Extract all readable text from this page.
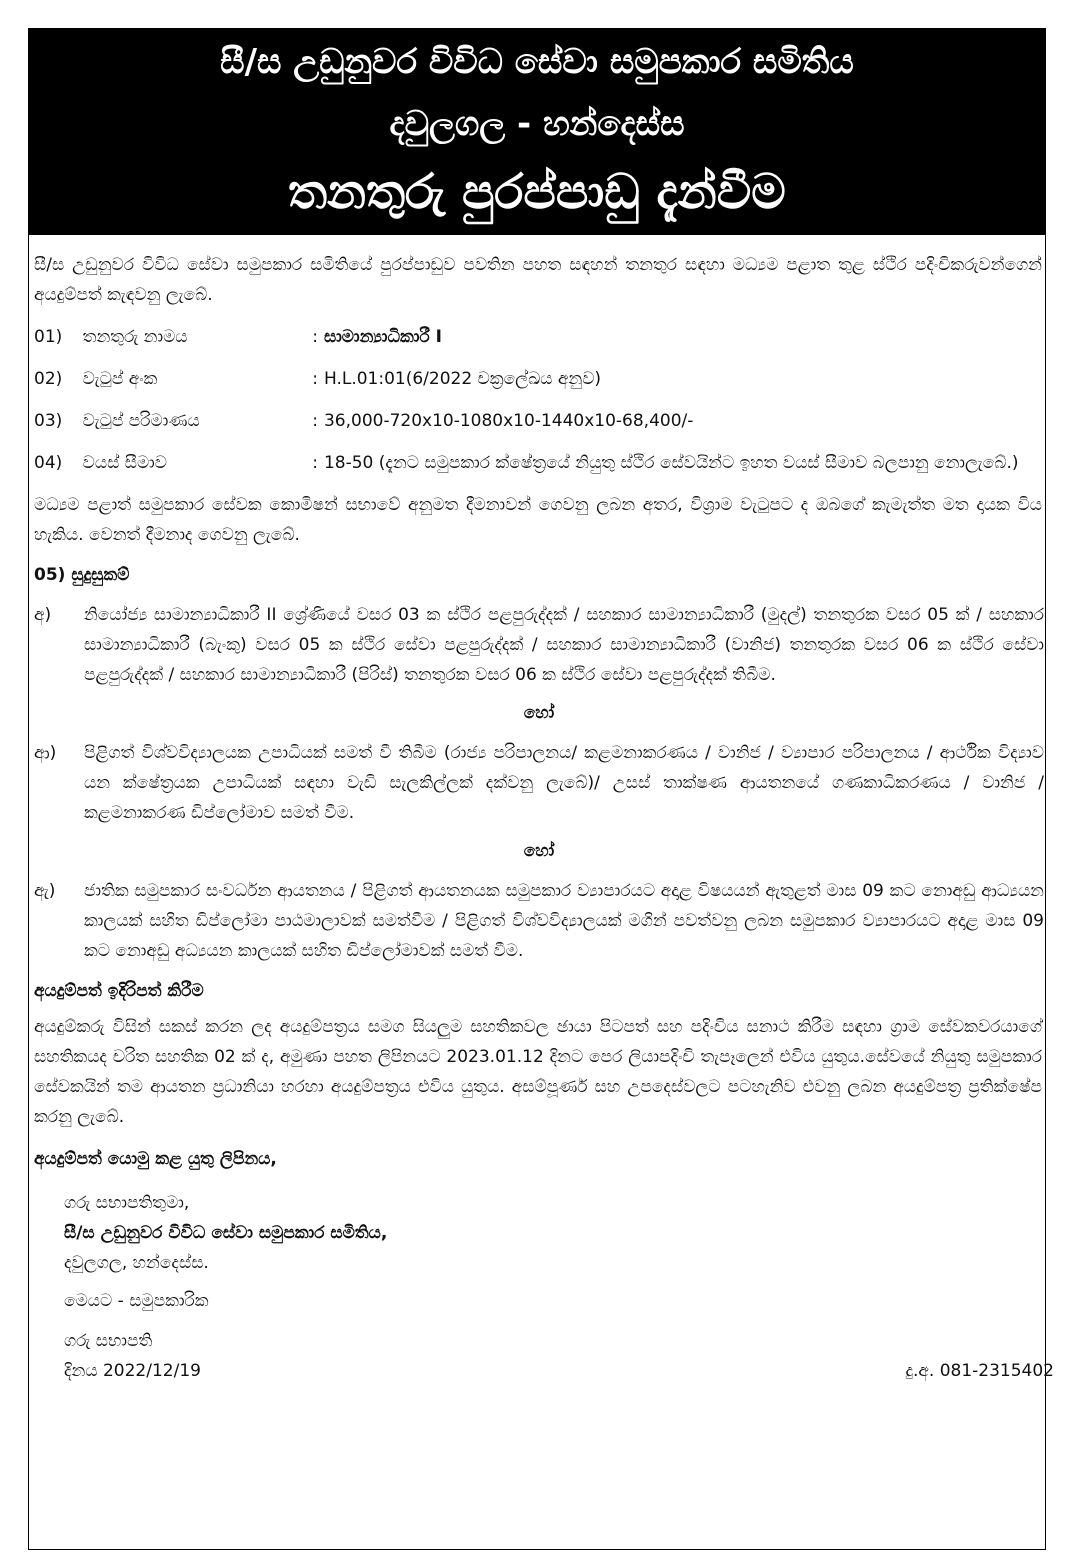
සී/ස උඩුනුවර විවිධ සේවා සමුපකාර සමිතිය
දවුලගල - හන්දෙස්ස
තනතුරු පුරප්පාඩු දැන්වීම

සී/ස උඩුනුවර විවිධ සේවා සමුපකාර සමිතියේ පුරප්පාඩුව පවතින පහත සඳහන් තනතුර සඳහා මධ්‍යම පළාත තුළ ස්ථිර පදිංචිකරුවන්ගෙන් අයදුම්පත් කැඳවනු ලැබේ.

01)	තනතුරු නාමය	: සාමාන්‍යාධිකාරී I
02)	වැටුප් අංක	: H.L.01:01(6/2022 චක්‍රලේඛය අනුව)
03)	වැටුප් පරිමාණය	: 36,000-720x10-1080x10-1440x10-68,400/-
04)	වයස් සීමාව	: 18-50 (දැනට සමුපකාර ක්ෂේත්‍රයේ නියුතු ස්ථිර සේවයින්ට ඉහත වයස් සීමාව බලපානු නොලැබේ.)

මධ්‍යම පළාත් සමුපකාර සේවක කොමිෂන් සභාවේ අනුමත දීමනාවන් ගෙවනු ලබන අතර, විශ්‍රාම වැටුපට ද ඔබගේ කැමැත්ත මත දායක විය හැකිය. වෙනත් දීමනාද ගෙවනු ලැබේ.

05) සුදුසුකම්
අ)	නියෝජ්‍ය සාමාන්‍යාධිකාරී II ශ්‍රේණියේ වසර 03 ක ස්ථිර පළපුරුද්දක් / සහකාර සාමාන්‍යාධිකාරී (මුදල්) තනතුරක වසර 05 ක් / සහකාර සාමාන්‍යාධිකාරී (බැංකු) වසර 05 ක ස්ථිර සේවා පළපුරුද්දක් / සහකාර සාමාන්‍යාධිකාරී (වානිජ) තනතුරක වසර 06 ක ස්ථිර සේවා පළපුරුද්දක් / සහකාර සාමාන්‍යාධිකාරී (පිරිස්) තනතුරක වසර 06 ක ස්ථිර සේවා පළපුරුද්දක් තිබීම.
හෝ
ආ)	පිළිගත් විශ්වවිද්‍යාලයක උපාධියක් සමත් වී තිබීම (රාජ්‍ය පරිපාලනය/ කළමනාකරණය / වානිජ / ව්‍යාපාර පරිපාලනය / ආර්ථික විද්‍යාව යන ක්ෂේත්‍රයක උපාධියක් සඳහා වැඩි සැලකිල්ලක් දක්වනු ලැබේ)/ උසස් තාක්ෂණ ආයතනයේ ගණකාධිකරණය / වානිජ / කළමනාකරණ ඩිප්ලෝමාව සමත් වීම.
හෝ
ඇ)	ජාතික සමුපකාර සංවර්ධන ආයතනය / පිළිගත් ආයතනයක සමුපකාර ව්‍යාපාරයට අදාළ විෂයයන් ඇතුළත් මාස 09 කට නොඅඩු ආධ්‍යයන කාලයක් සහිත ඩිප්ලෝමා පාඨමාලාවක් සමත්වීම / පිළිගත් විශ්වවිද්‍යාලයක් මගින් පවත්වනු ලබන සමුපකාර ව්‍යාපාරයට අදාළ මාස 09 කට නොඅඩු අධ්‍යයන කාලයක් සහිත ඩිප්ලෝමාවක් සමත් වීම.
අයදුම්පත් ඉදිරිපත් කිරීම

අයදුම්කරු විසින් සකස් කරන ලද අයදුම්පත්‍රය සමග සියලුම සහතිකවල ඡායා පිටපත් සහ පදිංචිය සනාථ කිරීම සඳහා ග්‍රාම සේවකවරයාගේ සහතිකයද චරිත සහතික 02 ක් ද, අමුණා පහත ලිපිනයට 2023.01.12 දිනට පෙර ලියාපදිංචි තැපෑලෙන් එවිය යුතුය.සේවයේ නියුතු සමුපකාර සේවකයින් තම ආයතන ප්‍රධානියා හරහා අයදුම්පත්‍රය එවිය යුතුය. අසම්පූර්ණ සහ උපදෙස්වලට පටහැනිව එවනු ලබන අයදුම්පත්‍ර ප්‍රතික්ෂේප කරනු ලැබේ.

අයදුම්පත් යොමු කළ යුතු ලිපිනය,
ගරු සභාපතිතුමා,
සී/ස උඩුනුවර විවිධ සේවා සමුපකාර සමිතිය,
දවුලගල, හන්දෙස්ස.
මෙයට - සමුපකාරික
ගරු සභාපති
දිනය 2022/12/19	දු.අ. 081-2315402
